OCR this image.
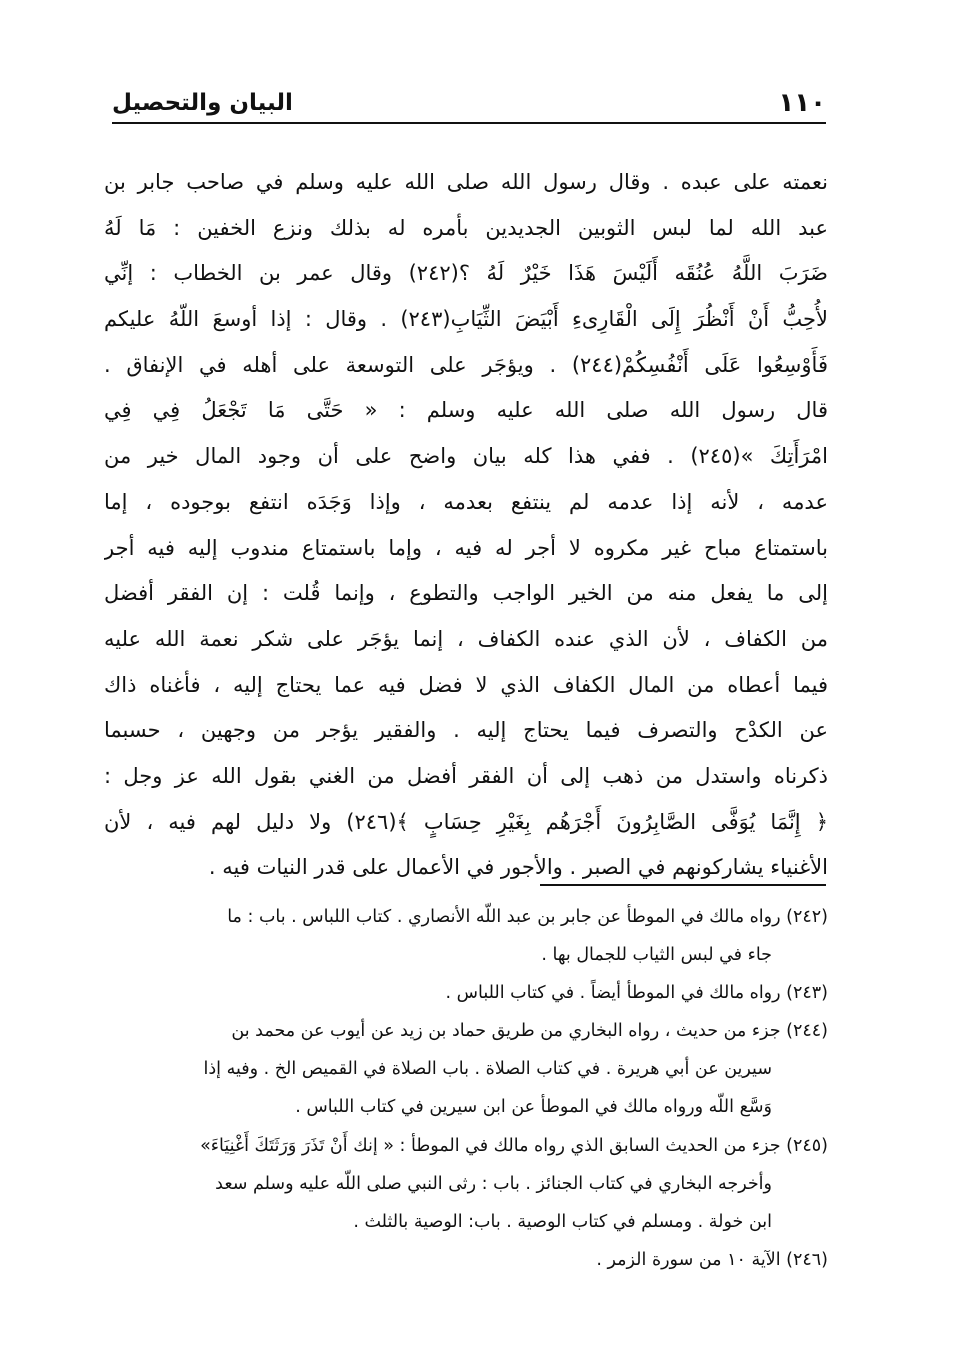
١١٠
البيان والتحصيل
نعمته على عبده . وقال رسول الله صلى الله عليه وسلم في صاحب جابر بن
عبد الله لما لبس الثوبين الجديدين بأمره له بذلك ونزع الخفين : مَا لَهُ
ضَرَبَ اللَّهُ عُنُقَه أَلَيْسَ هَذَا خَيْرٌ لَهُ ؟(٢٤٢) وقال عمر بن الخطاب : إنِّي
لأُحِبُّ أَنْ أَنْظُرَ إِلَى الْقَارِىءِ أَبْيَضَ الثِّيَابِ(٢٤٣) . وقال : إذا أوسعَ اللّهُ عليكم
فَأَوْسِعُوا عَلَى أَنْفُسِكُمْ(٢٤٤) . ويؤجَر على التوسعة على أهله في الإنفاق .
قال رسول الله صلى الله عليه وسلم : « حَتَّى مَا تَجْعَلُ فِي فِي
امْرَأَتِكَ »(٢٤٥) . ففي هذا كله بيان واضح على أن وجود المال خير من
عدمه ، لأنه إذا عدمه لم ينتفع بعدمه ، وإذا وَجَدَه انتفع بوجوده ، إما
باستمتاع مباح غير مكروه لا أجر له فيه ، وإما باستمتاع مندوب إليه فيه أجر
إلى ما يفعل منه من الخير الواجب والتطوع ، وإنما قُلت : إن الفقر أفضل
من الكفاف ، لأن الذي عنده الكفاف ، إنما يؤجَر على شكر نعمة الله عليه
فيما أعطاه من المال الكفاف الذي لا فضل فيه عما يحتاج إليه ، فأغناه ذاك
عن الكدْح والتصرف فيما يحتاج إليه . والفقير يؤجر من وجهين ، حسبما
ذكرناه واستدل من ذهب إلى أن الفقر أفضل من الغني بقول الله عز وجل :
﴿ إِنَّمَا يُوَفَّى الصَّابِرُونَ أَجْرَهُم بِغَيْرِ حِسَابٍ ﴾(٢٤٦) ولا دليل لهم فيه ، لأن
الأغنياء يشاركونهم في الصبر . والأجور في الأعمال على قدر النيات فيه .
(٢٤٢) رواه مالك في الموطأ عن جابر بن عبد اللّه الأنصاري . كتاب اللباس . باب : ما
جاء في لبس الثياب للجمال بها .
(٢٤٣) رواه مالك في الموطأ أيضاً . في كتاب اللباس .
(٢٤٤) جزء من حديث ، رواه البخاري من طريق حماد بن زيد عن أيوب عن محمد بن
سيرين عن أبي هريرة . في كتاب الصلاة . باب الصلاة في القميص الخ . وفيه إذا
وَسَّع اللّه ورواه مالك في الموطأ عن ابن سيرين في كتاب اللباس .
(٢٤٥) جزء من الحديث السابق الذي رواه مالك في الموطأ : « إنك أَنْ تَذَرَ وَرَثَتَكَ أَغْنِيَاءَ»
وأخرجه البخاري في كتاب الجنائز . باب : رثى النبي صلى اللّه عليه وسلم سعد
ابن خولة . ومسلم في كتاب الوصية . باب: الوصية بالثلث .
(٢٤٦) الآية ١٠ من سورة الزمر .
